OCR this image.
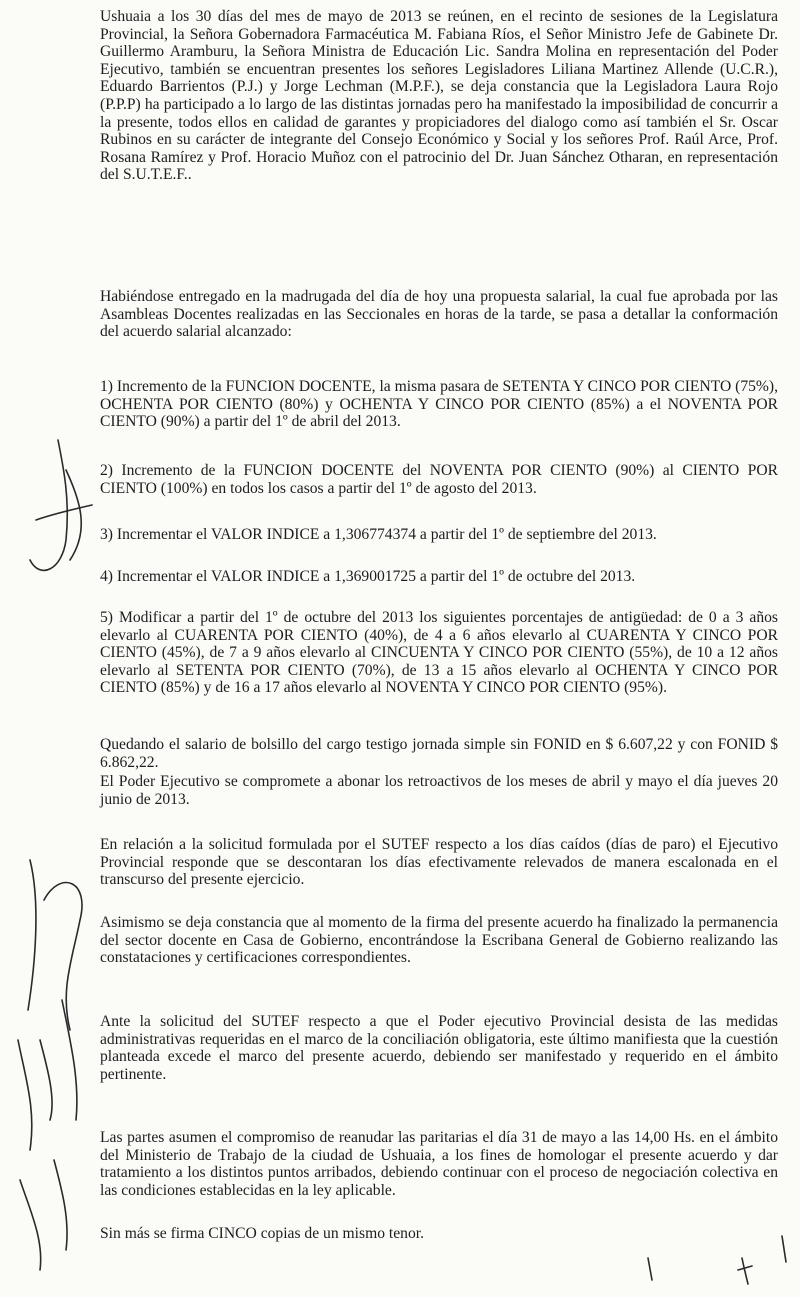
Ushuaia a los 30 días del mes de mayo de 2013 se reúnen, en el recinto de sesiones de la Legislatura Provincial, la Señora Gobernadora Farmacéutica M. Fabiana Ríos, el Señor Ministro Jefe de Gabinete Dr. Guillermo Aramburu, la Señora Ministra de Educación Lic. Sandra Molina en representación del Poder Ejecutivo, también se encuentran presentes los señores Legisladores Liliana Martinez Allende (U.C.R.), Eduardo Barrientos (P.J.) y Jorge Lechman (M.P.F.), se deja constancia que la Legisladora Laura Rojo (P.P.P) ha participado a lo largo de las distintas jornadas pero ha manifestado la imposibilidad de concurrir a la presente, todos ellos en calidad de garantes y propiciadores del dialogo como así también el Sr. Oscar Rubinos en su carácter de integrante del Consejo Económico y Social y los señores Prof. Raúl Arce, Prof. Rosana Ramírez y Prof. Horacio Muñoz con el patrocinio del Dr. Juan Sánchez Otharan, en representación del S.U.T.E.F..

Habiéndose entregado en la madrugada del día de hoy una propuesta salarial, la cual fue aprobada por las Asambleas Docentes realizadas en las Seccionales en horas de la tarde, se pasa a detallar la conformación del acuerdo salarial alcanzado:

1) Incremento de la FUNCION DOCENTE, la misma pasara de SETENTA Y CINCO POR CIENTO (75%), OCHENTA POR CIENTO (80%) y OCHENTA Y CINCO POR CIENTO (85%) a el NOVENTA POR CIENTO (90%) a partir del 1º de abril del 2013.

2) Incremento de la FUNCION DOCENTE del NOVENTA POR CIENTO (90%) al CIENTO POR CIENTO (100%) en todos los casos a partir del 1º de agosto del 2013.

3) Incrementar el VALOR INDICE a 1,306774374 a partir del 1º de septiembre del 2013.

4) Incrementar el VALOR INDICE a 1,369001725 a partir del 1º de octubre del 2013.

5) Modificar a partir del 1º de octubre del 2013 los siguientes porcentajes de antigüedad: de 0 a 3 años elevarlo al CUARENTA POR CIENTO (40%), de 4 a 6 años elevarlo al CUARENTA Y CINCO POR CIENTO (45%), de 7 a 9 años elevarlo al CINCUENTA Y CINCO POR CIENTO (55%), de 10 a 12 años elevarlo al SETENTA POR CIENTO (70%), de 13 a 15 años elevarlo al OCHENTA Y CINCO POR CIENTO (85%) y de 16 a 17 años elevarlo al NOVENTA Y CINCO POR CIENTO (95%).

Quedando el salario de bolsillo del cargo testigo jornada simple sin FONID en $ 6.607,22 y con FONID $ 6.862,22.

El Poder Ejecutivo se compromete a abonar los retroactivos de los meses de abril y mayo el día jueves 20 junio de 2013.

En relación a la solicitud formulada por el SUTEF respecto a los días caídos (días de paro) el Ejecutivo Provincial responde que se descontaran los días efectivamente relevados de manera escalonada en el transcurso del presente ejercicio.

Asimismo se deja constancia que al momento de la firma del presente acuerdo ha finalizado la permanencia del sector docente en Casa de Gobierno, encontrándose la Escribana General de Gobierno realizando las constataciones y certificaciones correspondientes.

Ante la solicitud del SUTEF respecto a que el Poder ejecutivo Provincial desista de las medidas administrativas requeridas en el marco de la conciliación obligatoria, este último manifiesta que la cuestión planteada excede el marco del presente acuerdo, debiendo ser manifestado y requerido en el ámbito pertinente.

Las partes asumen el compromiso de reanudar las paritarias el día 31 de mayo a las 14,00 Hs. en el ámbito del Ministerio de Trabajo de la ciudad de Ushuaia, a los fines de homologar el presente acuerdo y dar tratamiento a los distintos puntos arribados, debiendo continuar con el proceso de negociación colectiva en las condiciones establecidas en la ley aplicable.

Sin más se firma CINCO copias de un mismo tenor.
